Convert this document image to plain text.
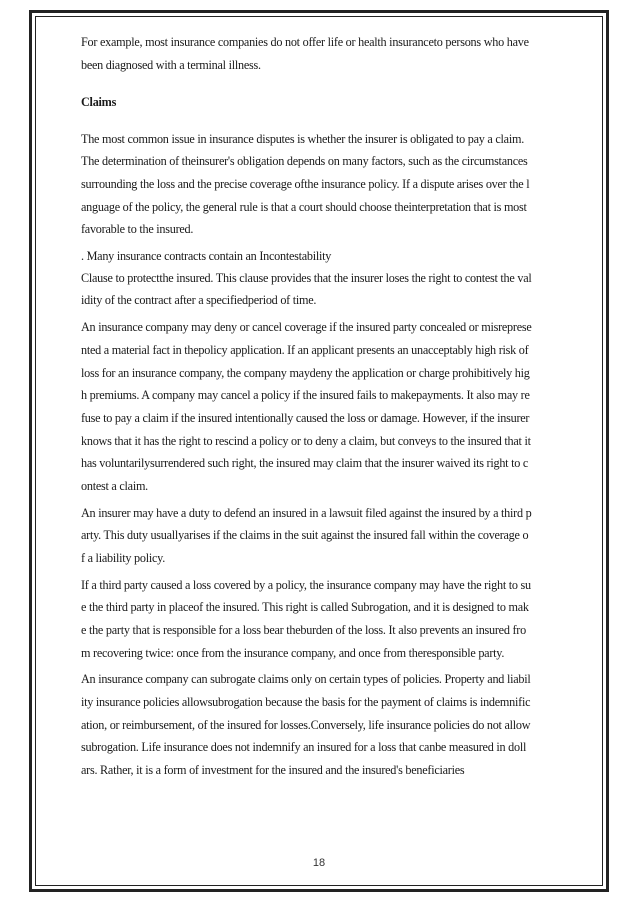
For example, most insurance companies do not offer life or health insuranceto persons who have
been diagnosed with a terminal illness.
Claims
The most common issue in insurance disputes is whether the insurer is obligated to pay a claim.
The determination of theinsurer's obligation depends on many factors, such as the circumstances
surrounding the loss and the precise coverage ofthe insurance policy. If a dispute arises over the l
anguage of the policy, the general rule is that a court should choose theinterpretation that is most
favorable to the insured.
. Many insurance contracts contain an Incontestability
Clause to protectthe insured. This clause provides that the insurer loses the right to contest the val
idity of the contract after a specifiedperiod of time.
An insurance company may deny or cancel coverage if the insured party concealed or misreprese
nted a material fact in thepolicy application. If an applicant presents an unacceptably high risk of
loss for an insurance company, the company maydeny the application or charge prohibitively hig
h premiums. A company may cancel a policy if the insured fails to makepayments. It also may re
fuse to pay a claim if the insured intentionally caused the loss or damage. However, if the insurer
knows that it has the right to rescind a policy or to deny a claim, but conveys to the insured that it
has voluntarilysurrendered such right, the insured may claim that the insurer waived its right to c
ontest a claim.
An insurer may have a duty to defend an insured in a lawsuit filed against the insured by a third p
arty. This duty usuallyarises if the claims in the suit against the insured fall within the coverage o
f a liability policy.
If a third party caused a loss covered by a policy, the insurance company may have the right to su
e the third party in placeof the insured. This right is called Subrogation, and it is designed to mak
e the party that is responsible for a loss bear theburden of the loss. It also prevents an insured fro
m recovering twice: once from the insurance company, and once from theresponsible party.
An insurance company can subrogate claims only on certain types of policies. Property and liabil
ity insurance policies allowsubrogation because the basis for the payment of claims is indemnific
ation, or reimbursement, of the insured for losses.Conversely, life insurance policies do not allow
subrogation. Life insurance does not indemnify an insured for a loss that canbe measured in doll
ars. Rather, it is a form of investment for the insured and the insured's beneficiaries
18
